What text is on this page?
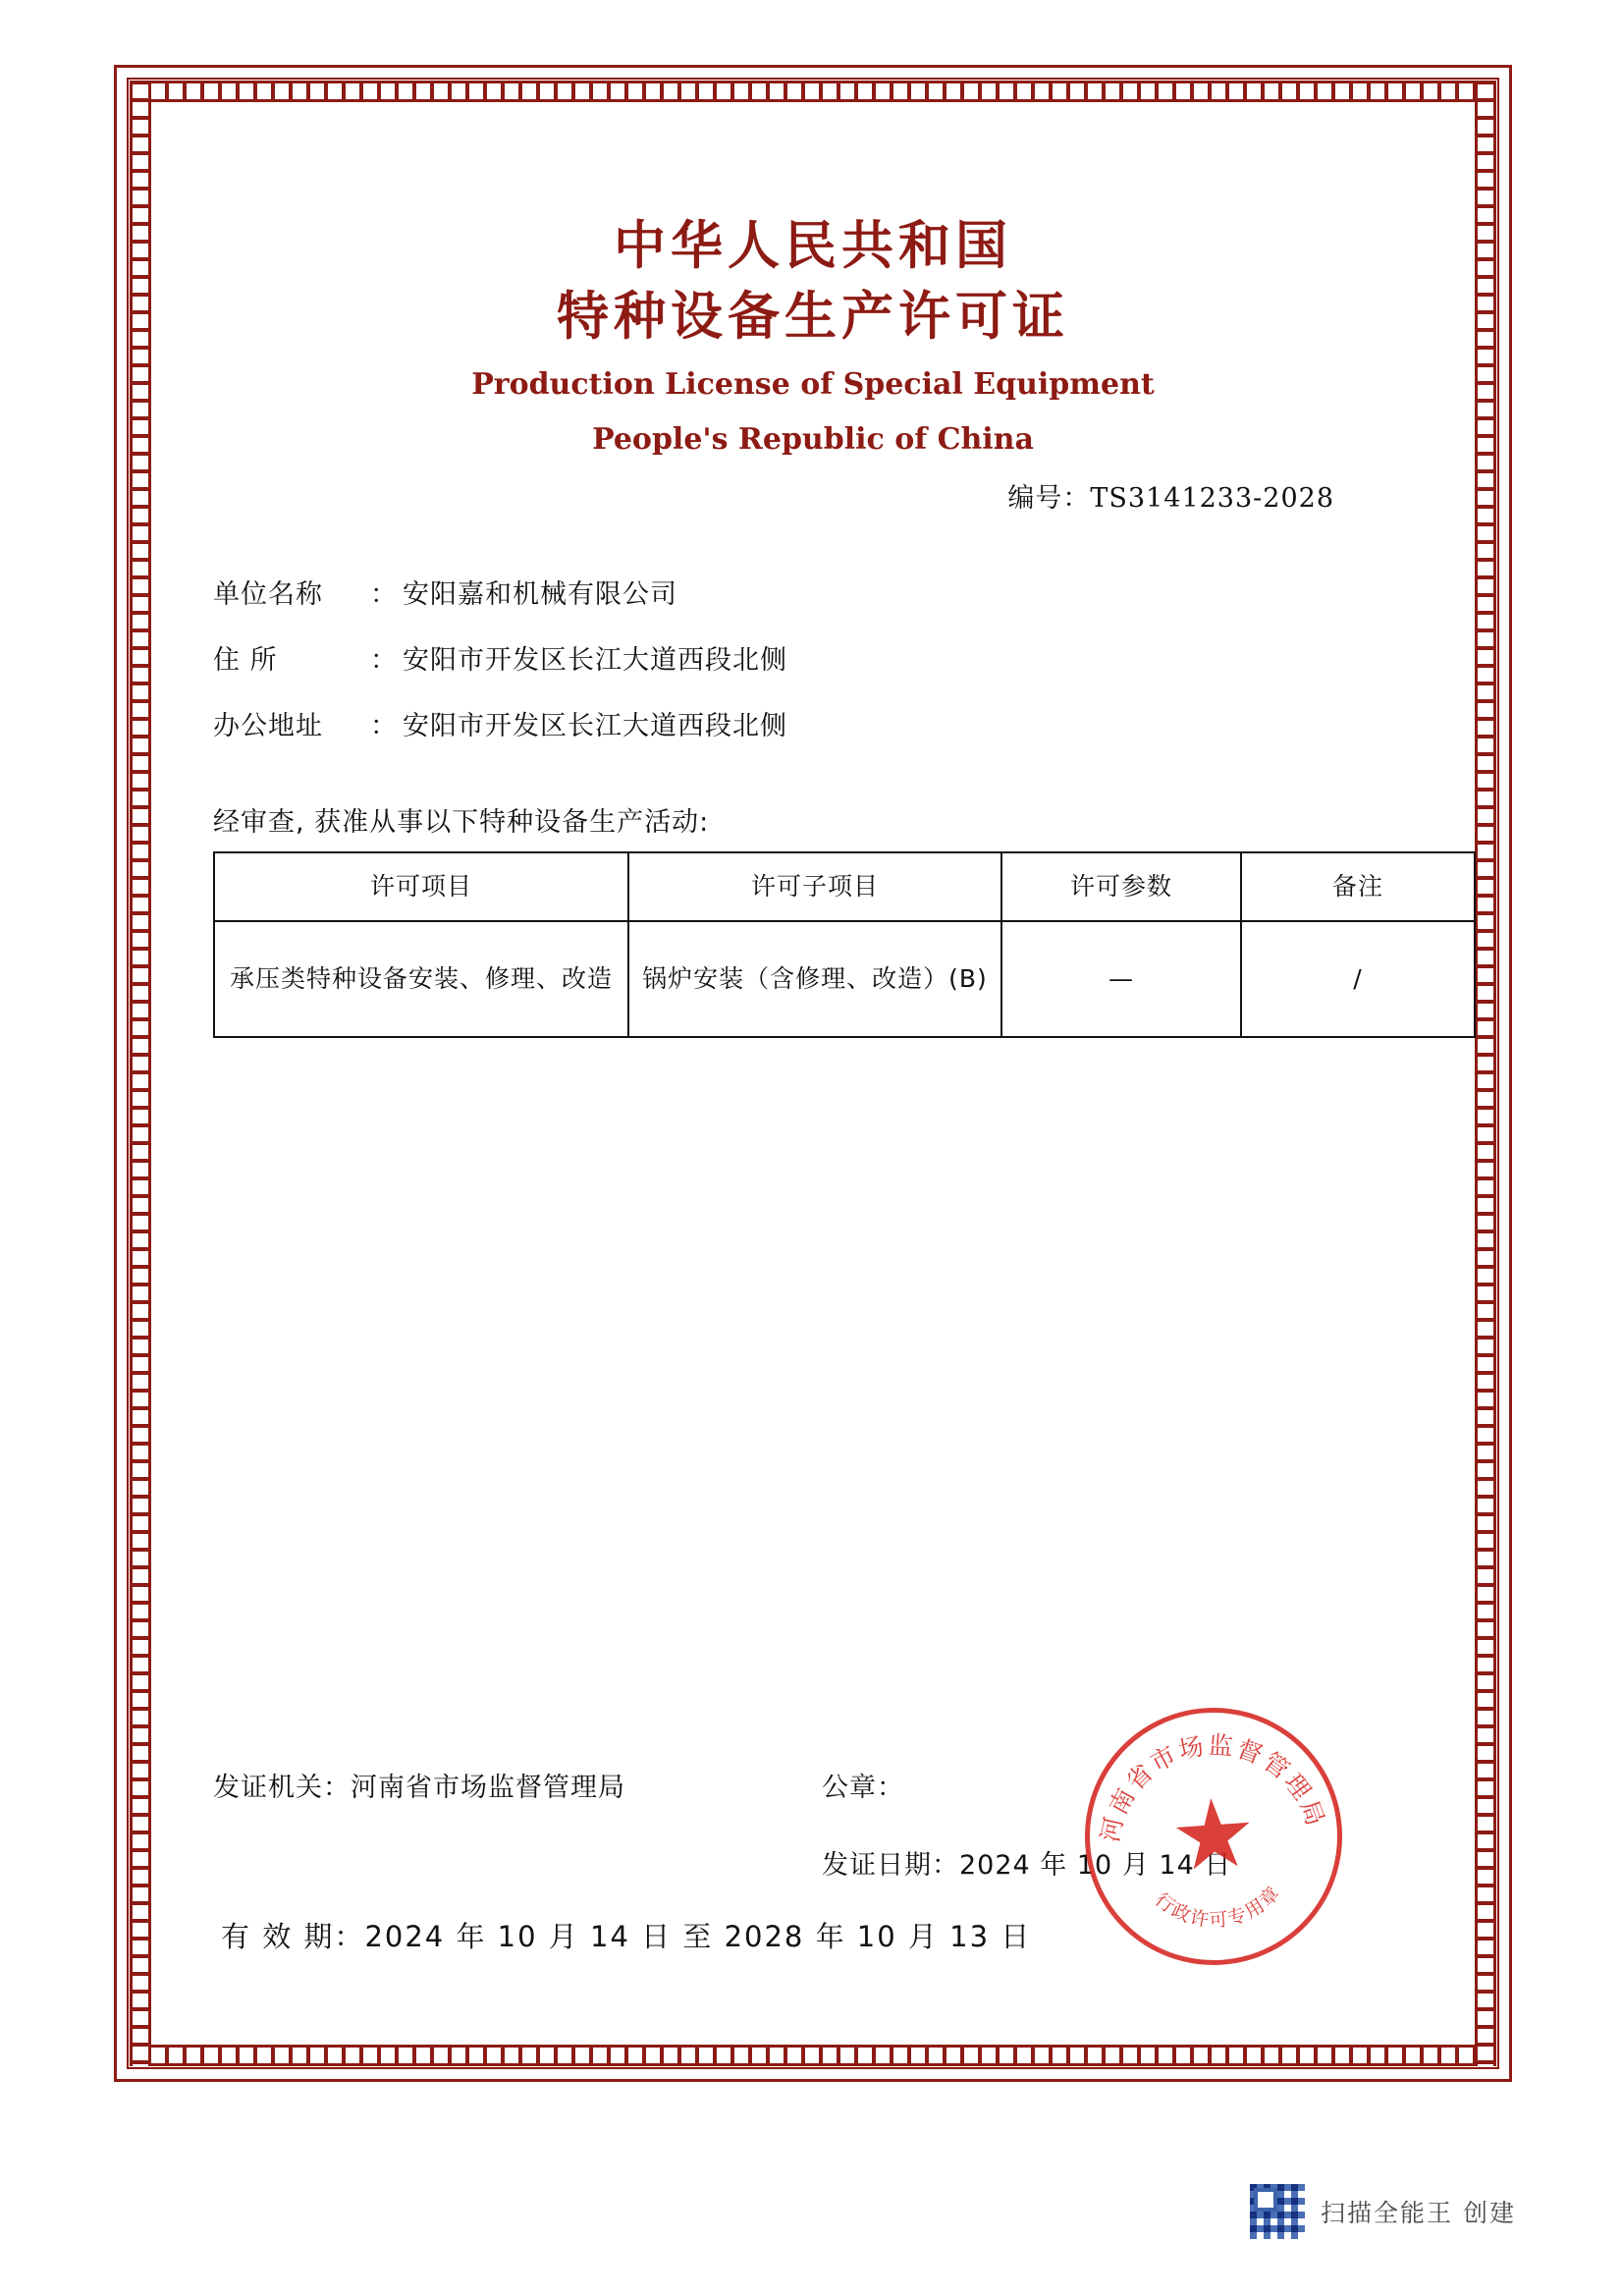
中华人民共和国
特种设备生产许可证
Production License of Special Equipment
People's Republic of China
编号：TS3141233-2028
单位名称	： 安阳嘉和机械有限公司
住 所	： 安阳市开发区长江大道西段北侧
办公地址	： 安阳市开发区长江大道西段北侧
经审查, 获准从事以下特种设备生产活动:
许可项目	许可子项目	许可参数	备注
承压类特种设备安装、修理、改造	锅炉安装（含修理、改造）(B)	—	/
发证机关：河南省市场监督管理局	公章：
发证日期：2024 年 10 月 14 日
有 效 期：2024 年 10 月 14 日 至 2028 年 10 月 13 日
河南省市场监督管理局
行政许可专用章
扫描全能王 创建
